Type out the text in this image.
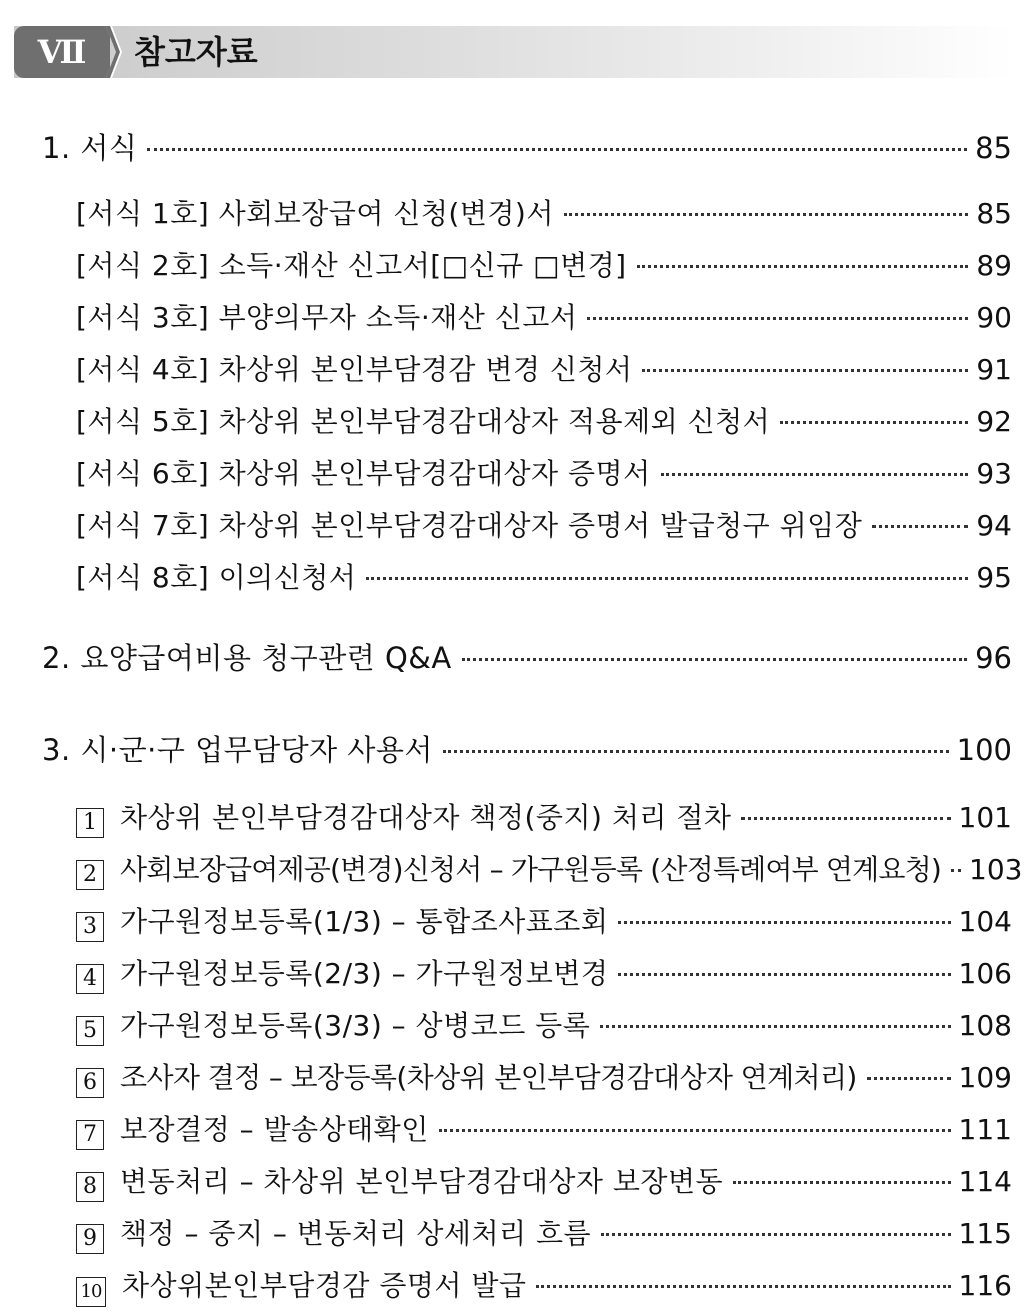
Ⅶ	참고자료
1. 서식	85
[서식 1호] 사회보장급여 신청(변경)서	85
[서식 2호] 소득·재산 신고서[□신규 □변경]	89
[서식 3호] 부양의무자 소득·재산 신고서	90
[서식 4호] 차상위 본인부담경감 변경 신청서	91
[서식 5호] 차상위 본인부담경감대상자 적용제외 신청서	92
[서식 6호] 차상위 본인부담경감대상자 증명서	93
[서식 7호] 차상위 본인부담경감대상자 증명서 발급청구 위임장	94
[서식 8호] 이의신청서	95
2. 요양급여비용 청구관련 Q&A	96
3. 시·군·구 업무담당자 사용서	100
1 차상위 본인부담경감대상자 책정(중지) 처리 절차	101
2 사회보장급여제공(변경)신청서 – 가구원등록 (산정특례여부 연계요청) 103
3 가구원정보등록(1/3) – 통합조사표조회	104
4 가구원정보등록(2/3) – 가구원정보변경	106
5 가구원정보등록(3/3) – 상병코드 등록	108
6 조사자 결정 – 보장등록(차상위 본인부담경감대상자 연계처리)	109
7 보장결정 – 발송상태확인	111
8 변동처리 – 차상위 본인부담경감대상자 보장변동	114
9 책정 – 중지 – 변동처리 상세처리 흐름	115
10 차상위본인부담경감 증명서 발급	116
